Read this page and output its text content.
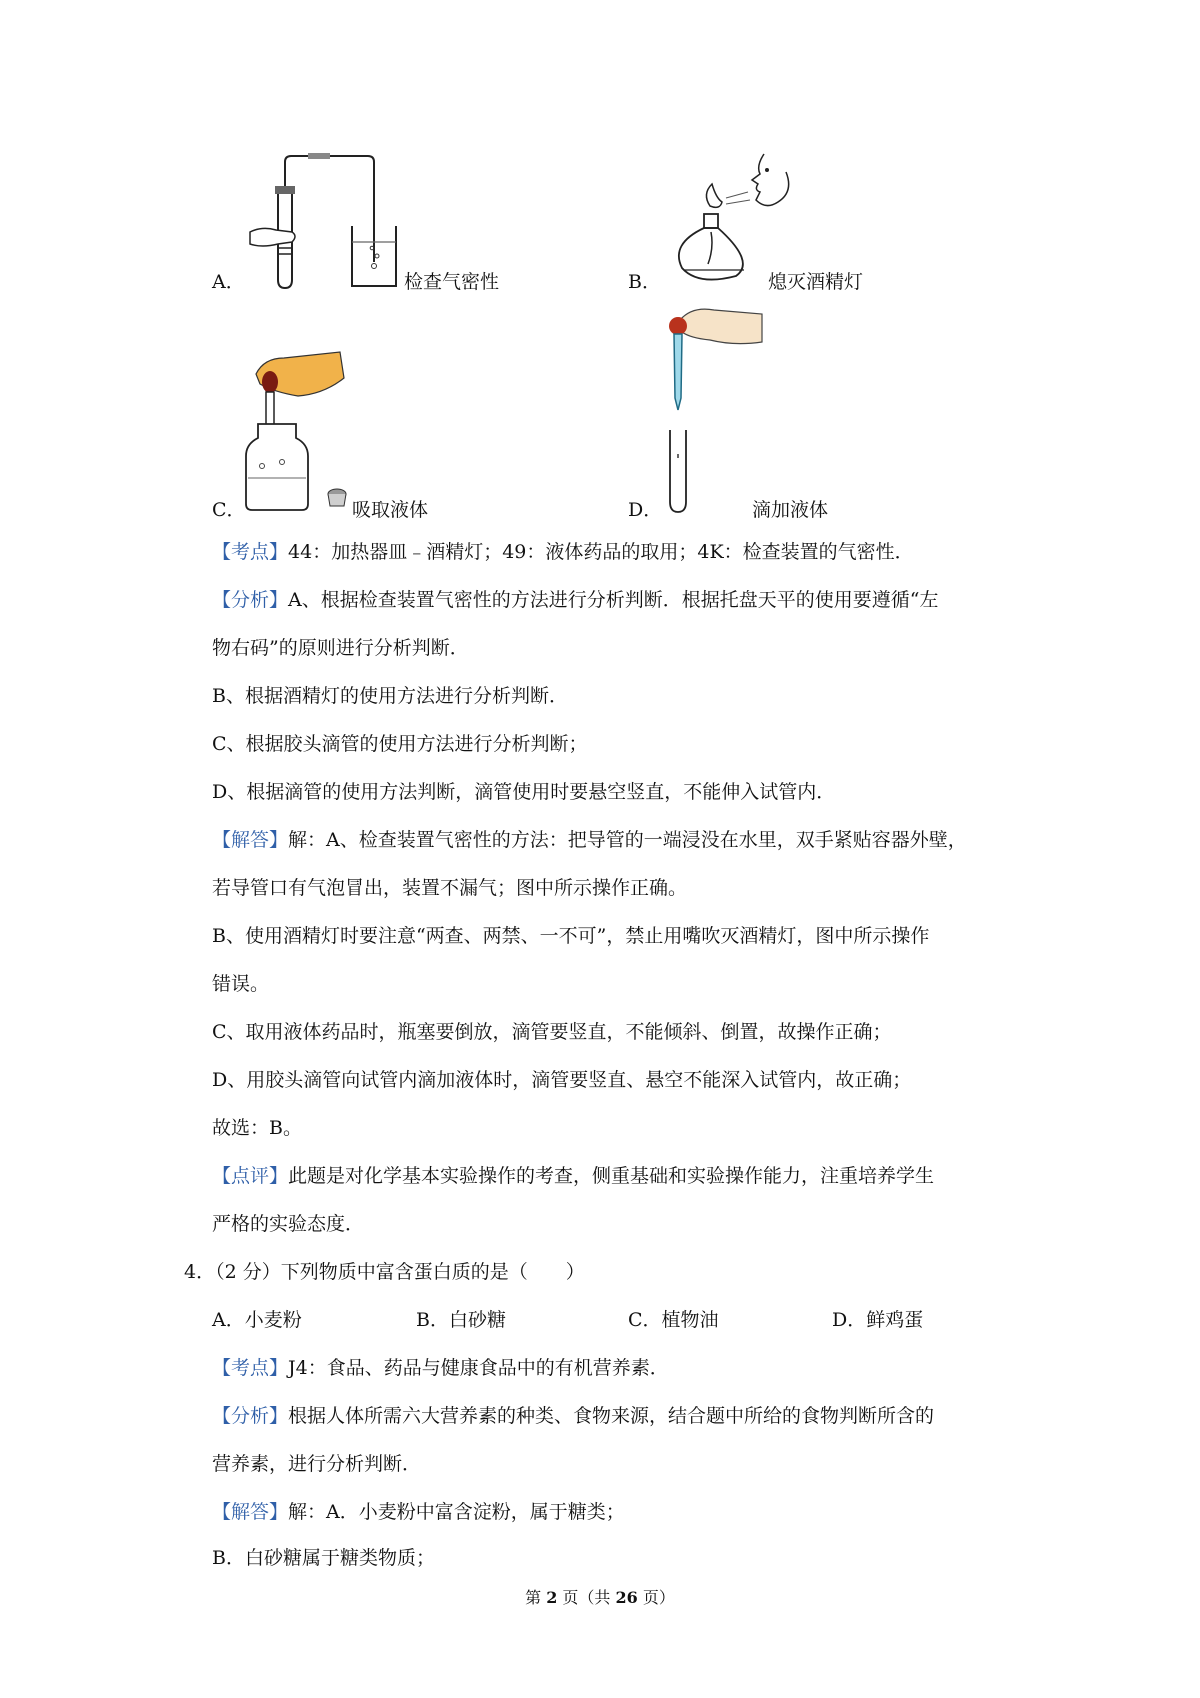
A．	检查气密性	B．	熄灭酒精灯
C．	吸取液体	D．	滴加液体
【考点】44：加热器皿﹣酒精灯；49：液体药品的取用；4K：检查装置的气密性．
【分析】A、根据检查装置气密性的方法进行分析判断．根据托盘天平的使用要遵循“左
物右码”的原则进行分析判断．
B、根据酒精灯的使用方法进行分析判断．
C、根据胶头滴管的使用方法进行分析判断；
D、根据滴管的使用方法判断，滴管使用时要悬空竖直，不能伸入试管内．
【解答】解：A、检查装置气密性的方法：把导管的一端浸没在水里，双手紧贴容器外壁，
若导管口有气泡冒出，装置不漏气；图中所示操作正确。
B、使用酒精灯时要注意“两查、两禁、一不可”，禁止用嘴吹灭酒精灯，图中所示操作
错误。
C、取用液体药品时，瓶塞要倒放，滴管要竖直，不能倾斜、倒置，故操作正确；
D、用胶头滴管向试管内滴加液体时，滴管要竖直、悬空不能深入试管内，故正确；
故选：B。
【点评】此题是对化学基本实验操作的考查，侧重基础和实验操作能力，注重培养学生
严格的实验态度．
4．（2 分）下列物质中富含蛋白质的是（　　）
A．小麦粉	B．白砂糖	C．植物油	D．鲜鸡蛋
【考点】J4：食品、药品与健康食品中的有机营养素．
【分析】根据人体所需六大营养素的种类、食物来源，结合题中所给的食物判断所含的
营养素，进行分析判断．
【解答】解：A．小麦粉中富含淀粉，属于糖类；
B．白砂糖属于糖类物质；
第 2 页（共 26 页）
